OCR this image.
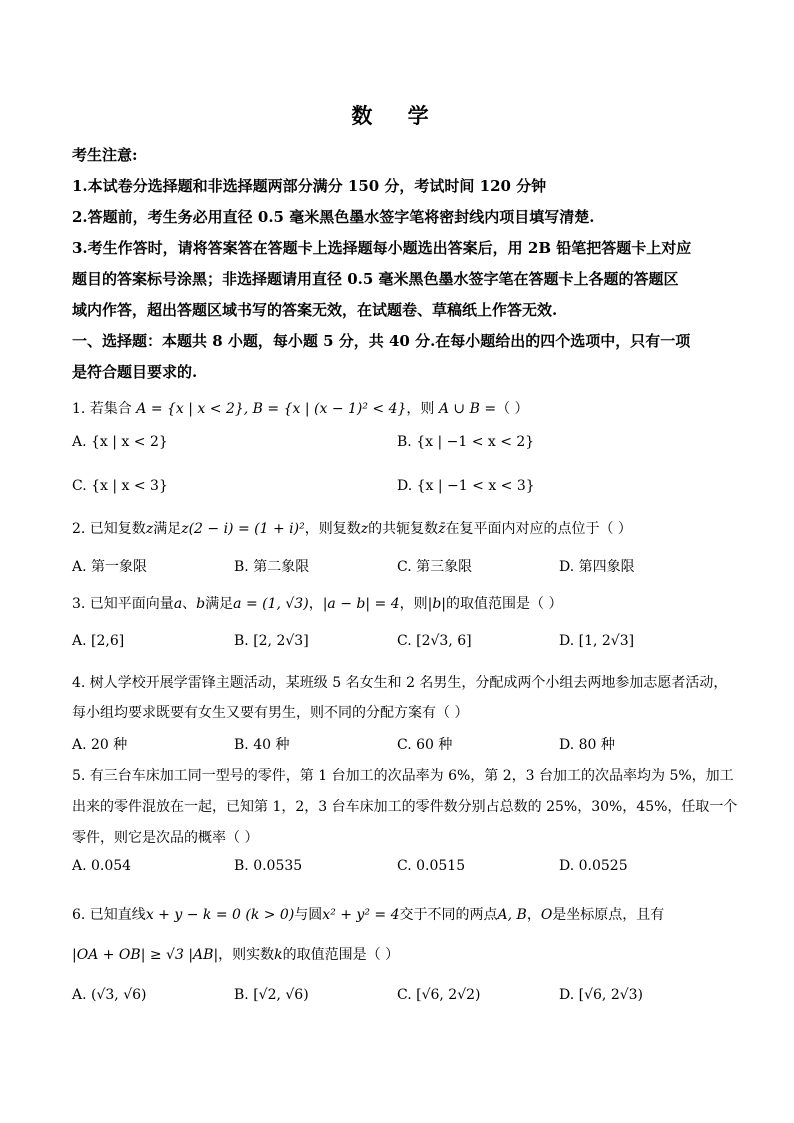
数 学
考生注意:
1.本试卷分选择题和非选择题两部分满分 150 分，考试时间 120 分钟
2.答题前，考生务必用直径 0.5 毫米黑色墨水签字笔将密封线内项目填写清楚.
3.考生作答时，请将答案答在答题卡上选择题每小题选出答案后，用 2B 铅笔把答题卡上对应
题目的答案标号涂黑；非选择题请用直径 0.5 毫米黑色墨水签字笔在答题卡上各题的答题区
域内作答，超出答题区域书写的答案无效，在试题卷、草稿纸上作答无效.
一、选择题：本题共 8 小题，每小题 5 分，共 40 分.在每小题给出的四个选项中，只有一项
是符合题目要求的.
1. 若集合 A = {x | x < 2}, B = {x | (x − 1)² < 4}，则 A ∪ B =（ ）
A. {x | x < 2}	B. {x | −1 < x < 2}
C. {x | x < 3}	D. {x | −1 < x < 3}
2. 已知复数z满足z(2 − i) = (1 + i)²，则复数z的共轭复数z̄在复平面内对应的点位于（ ）
A. 第一象限	B. 第二象限	C. 第三象限	D. 第四象限
3. 已知平面向量a、b满足a = (1, √3)，|a − b| = 4，则|b|的取值范围是（ ）
A. [2,6]	B. [2, 2√3]	C. [2√3, 6]	D. [1, 2√3]
4. 树人学校开展学雷锋主题活动，某班级 5 名女生和 2 名男生，分配成两个小组去两地参加志愿者活动，
每小组均要求既要有女生又要有男生，则不同的分配方案有（ ）
A. 20 种	B. 40 种	C. 60 种	D. 80 种
5. 有三台车床加工同一型号的零件，第 1 台加工的次品率为 6%，第 2，3 台加工的次品率均为 5%，加工
出来的零件混放在一起，已知第 1，2，3 台车床加工的零件数分别占总数的 25%，30%，45%，任取一个
零件，则它是次品的概率（ ）
A. 0.054	B. 0.0535	C. 0.0515	D. 0.0525
6. 已知直线x + y − k = 0 (k > 0)与圆x² + y² = 4交于不同的两点A, B，O是坐标原点，且有
|OA + OB| ≥ √3 |AB|，则实数k的取值范围是（ ）
A. (√3, √6)	B. [√2, √6)	C. [√6, 2√2)	D. [√6, 2√3)
